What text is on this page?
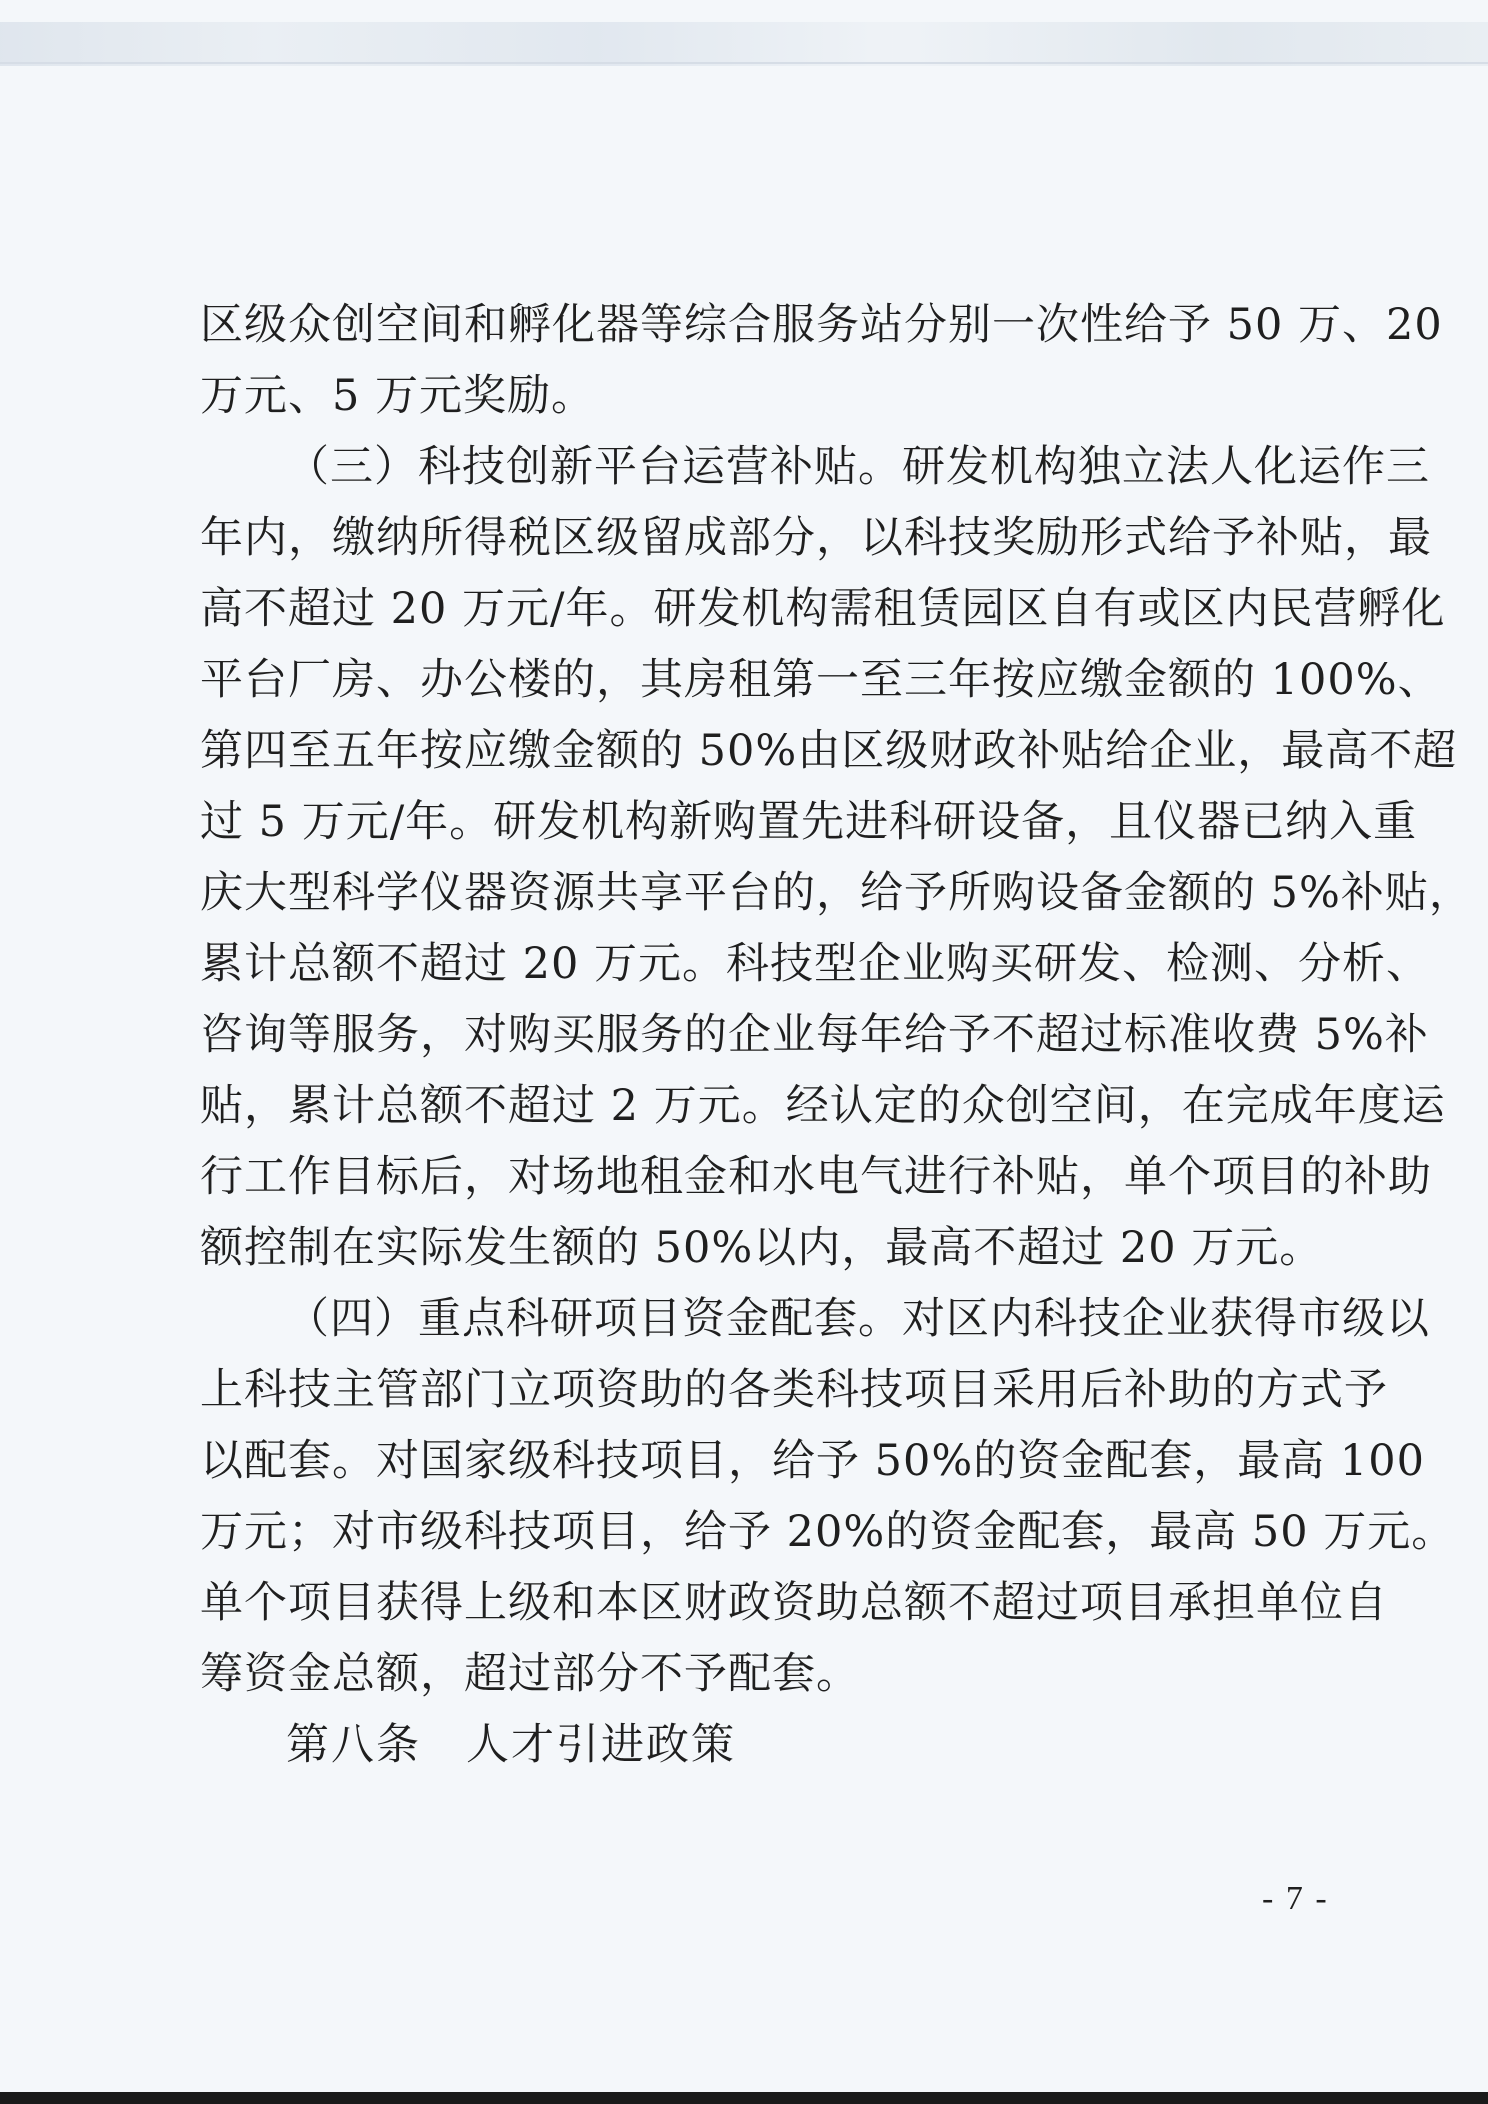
区级众创空间和孵化器等综合服务站分别一次性给予 50 万、20
万元、5 万元奖励。
（三）科技创新平台运营补贴。研发机构独立法人化运作三
年内，缴纳所得税区级留成部分，以科技奖励形式给予补贴，最
高不超过 20 万元/年。研发机构需租赁园区自有或区内民营孵化
平台厂房、办公楼的，其房租第一至三年按应缴金额的 100%、
第四至五年按应缴金额的 50%由区级财政补贴给企业，最高不超
过 5 万元/年。研发机构新购置先进科研设备，且仪器已纳入重
庆大型科学仪器资源共享平台的，给予所购设备金额的 5%补贴，
累计总额不超过 20 万元。科技型企业购买研发、检测、分析、
咨询等服务，对购买服务的企业每年给予不超过标准收费 5%补
贴，累计总额不超过 2 万元。经认定的众创空间，在完成年度运
行工作目标后，对场地租金和水电气进行补贴，单个项目的补助
额控制在实际发生额的 50%以内，最高不超过 20 万元。
（四）重点科研项目资金配套。对区内科技企业获得市级以
上科技主管部门立项资助的各类科技项目采用后补助的方式予
以配套。对国家级科技项目，给予 50%的资金配套，最高 100
万元；对市级科技项目，给予 20%的资金配套，最高 50 万元。
单个项目获得上级和本区财政资助总额不超过项目承担单位自
筹资金总额，超过部分不予配套。
第八条　人才引进政策
- 7 -
